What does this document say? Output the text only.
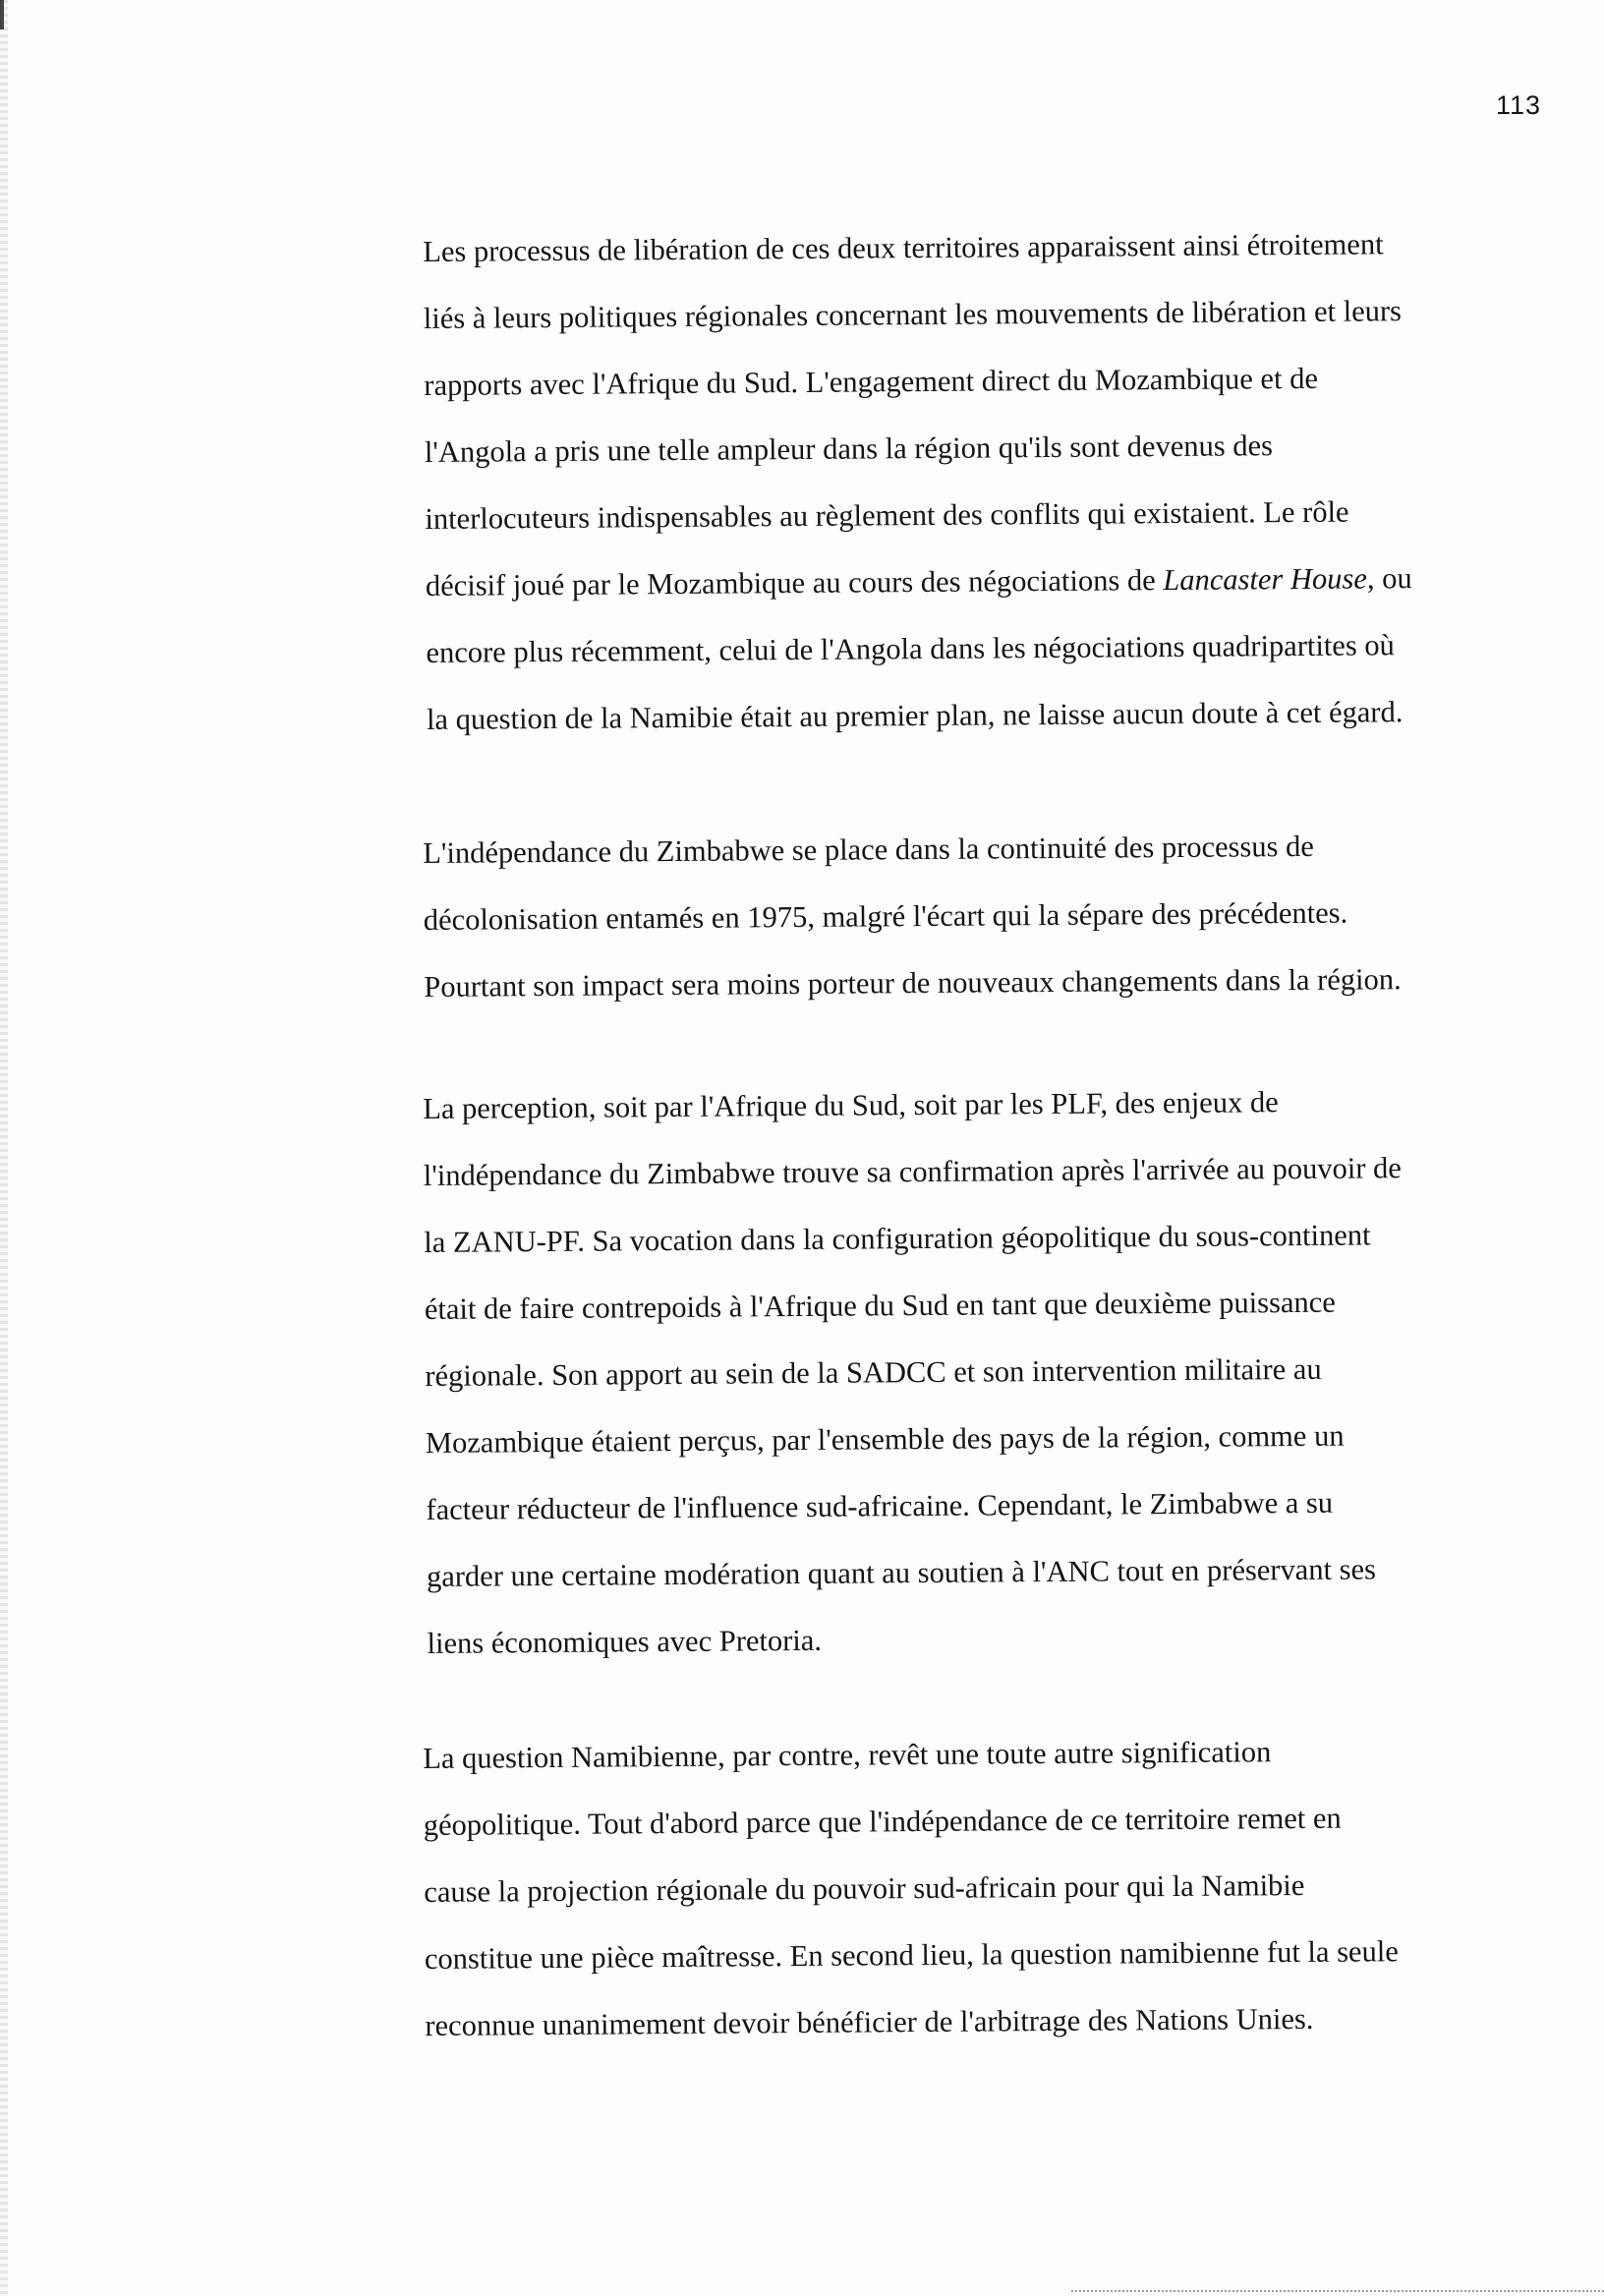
113
Les processus de libération de ces deux territoires apparaissent ainsi étroitement
liés à leurs politiques régionales concernant les mouvements de libération et leurs
rapports avec l'Afrique du Sud. L'engagement direct du Mozambique et de
l'Angola a pris une telle ampleur dans la région qu'ils sont devenus des
interlocuteurs indispensables au règlement des conflits qui existaient. Le rôle
décisif joué par le Mozambique au cours des négociations de Lancaster House, ou
encore plus récemment, celui de l'Angola dans les négociations quadripartites où
la question de la Namibie était au premier plan, ne laisse aucun doute à cet égard.
L'indépendance du Zimbabwe se place dans la continuité des processus de
décolonisation entamés en 1975, malgré l'écart qui la sépare des précédentes.
Pourtant son impact sera moins porteur de nouveaux changements dans la région.
La perception, soit par l'Afrique du Sud, soit par les PLF, des enjeux de
l'indépendance du Zimbabwe trouve sa confirmation après l'arrivée au pouvoir de
la ZANU-PF. Sa vocation dans la configuration géopolitique du sous-continent
était de faire contrepoids à l'Afrique du Sud en tant que deuxième puissance
régionale. Son apport au sein de la SADCC et son intervention militaire au
Mozambique étaient perçus, par l'ensemble des pays de la région, comme un
facteur réducteur de l'influence sud-africaine. Cependant, le Zimbabwe a su
garder une certaine modération quant au soutien à l'ANC tout en préservant ses
liens économiques avec Pretoria.
La question Namibienne, par contre, revêt une toute autre signification
géopolitique. Tout d'abord parce que l'indépendance de ce territoire remet en
cause la projection régionale du pouvoir sud-africain pour qui la Namibie
constitue une pièce maîtresse. En second lieu, la question namibienne fut la seule
reconnue unanimement devoir bénéficier de l'arbitrage des Nations Unies.
